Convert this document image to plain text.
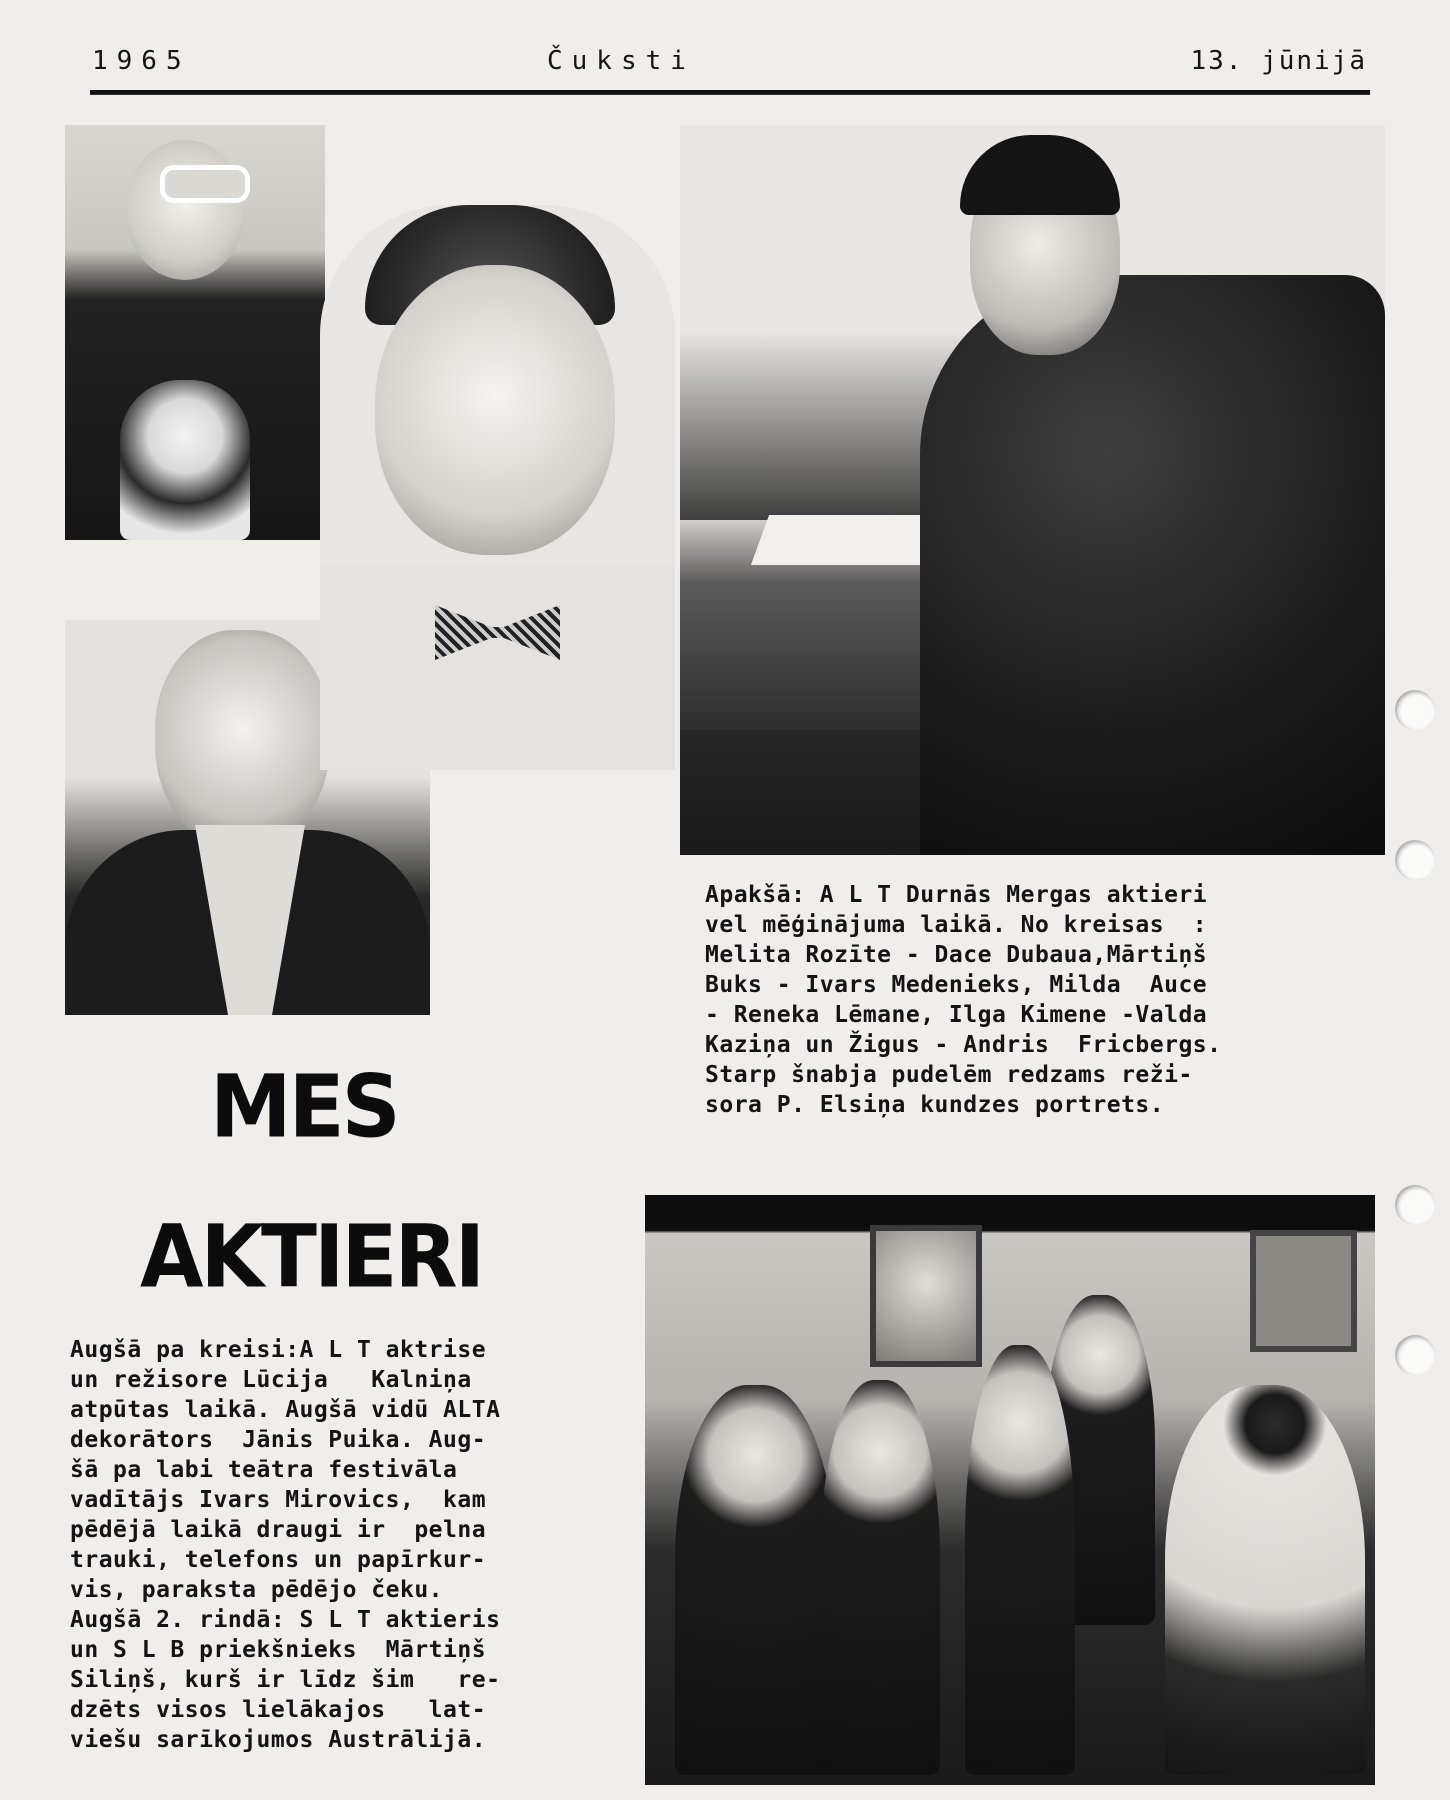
1965	Čuksti	13. jūnijā
Apakšā: A L T Durnās Mergas aktieri
vel mēģinājuma laikā. No kreisas  :
Melita Rozīte - Dace Dubaua,Mārtiņš
Buks - Ivars Medenieks, Milda  Auce
- Reneka Lēmane, Ilga Kimene -Valda
Kaziņa un Žigus - Andris  Fricbergs.
Starp šnabja pudelēm redzams reži-
sora P. Elsiņa kundzes portrets.
MES
AKTIERI
Augšā pa kreisi:A L T aktrise
un režisore Lūcija   Kalniņa
atpūtas laikā. Augšā vidū ALTA
dekorātors  Jānis Puika. Aug-
šā pa labi teātra festivāla
vadītājs Ivars Mirovics,  kam
pēdējā laikā draugi ir  pelna
trauki, telefons un papīrkur-
vis, paraksta pēdējo čeku.
Augšā 2. rindā: S L T aktieris
un S L B priekšnieks  Mārtiņš
Siliņš, kurš ir līdz šim   re-
dzēts visos lielākajos   lat-
viešu sarīkojumos Austrālijā.
